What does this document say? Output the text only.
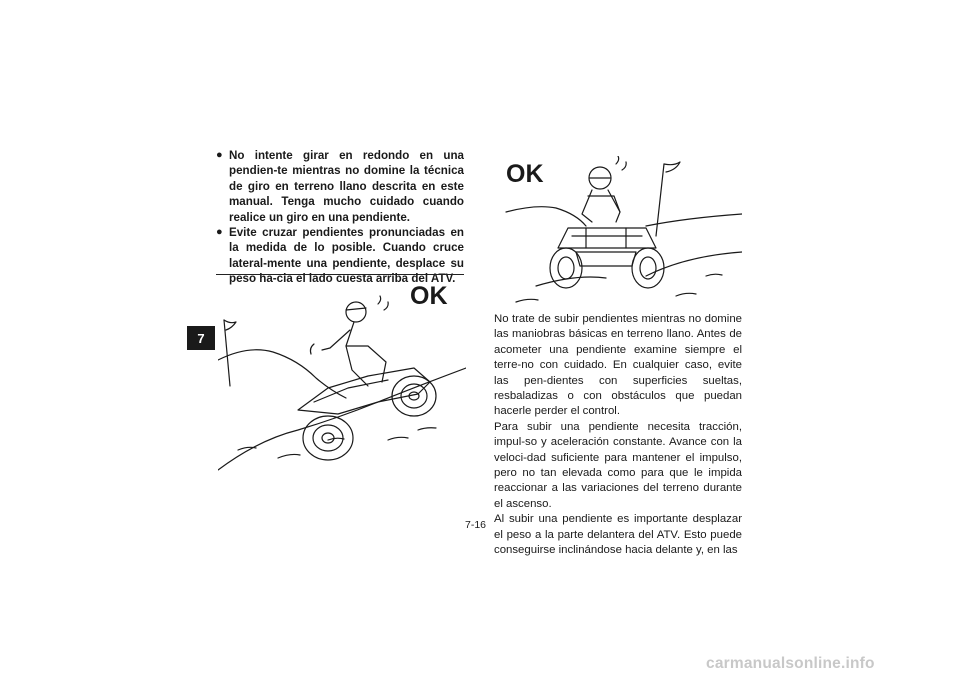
7
● No intente girar en redondo en una pendien-te mientras no domine la técnica de giro en terreno llano descrita en este manual. Tenga mucho cuidado cuando realice un giro en una pendiente.
● Evite cruzar pendientes pronunciadas en la medida de lo posible. Cuando cruce lateral-mente una pendiente, desplace su peso ha-cia el lado cuesta arriba del ATV.
OK
OK

No trate de subir pendientes mientras no domine las maniobras básicas en terreno llano. Antes de acometer una pendiente examine siempre el terre-no con cuidado. En cualquier caso, evite las pen-dientes con superficies sueltas, resbaladizas o con obstáculos que puedan hacerle perder el control.

Para subir una pendiente necesita tracción, impul-so y aceleración constante. Avance con la veloci-dad suficiente para mantener el impulso, pero no tan elevada como para que le impida reaccionar a las variaciones del terreno durante el ascenso.

Al subir una pendiente es importante desplazar el peso a la parte delantera del ATV. Esto puede conseguirse inclinándose hacia delante y, en las

7-16
carmanualsonline.info
